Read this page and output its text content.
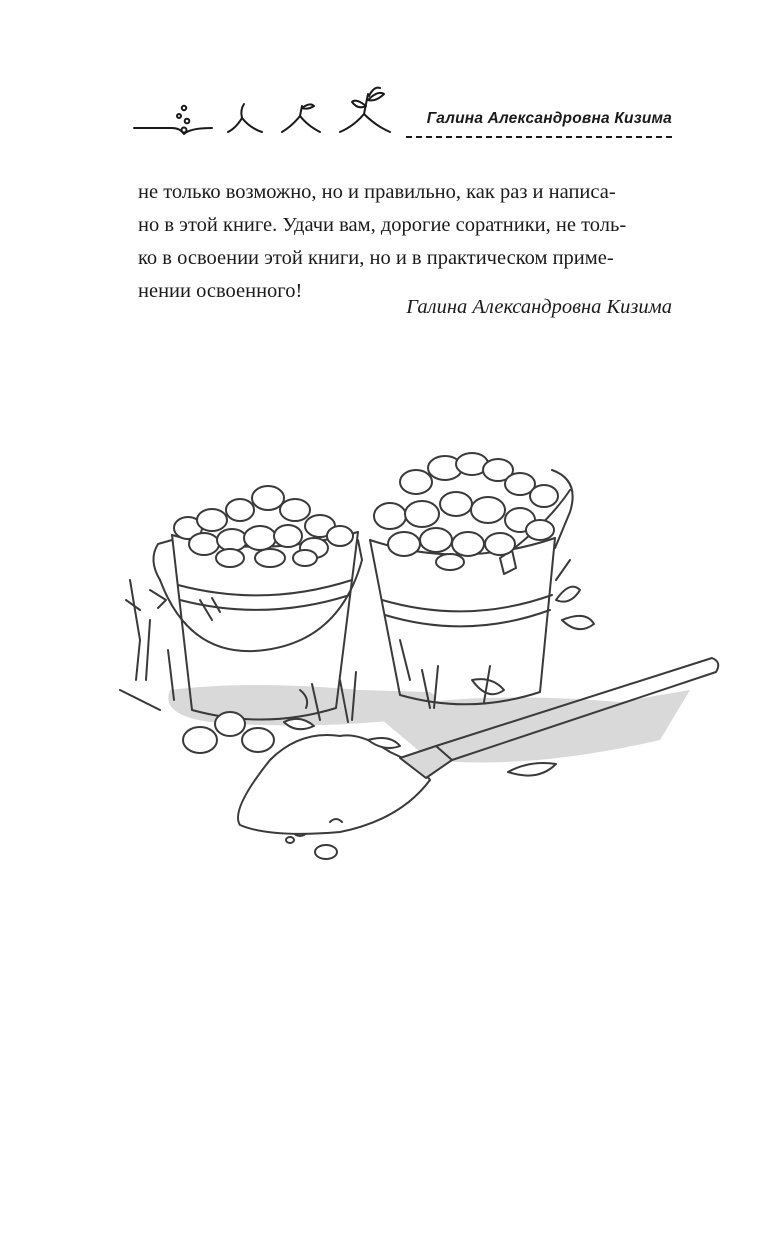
Галина Александровна Кизима
не только возможно, но и правильно, как раз и написа-
но в этой книге. Удачи вам, дорогие соратники, не толь-
ко в освоении этой книги, но и в практическом приме-
нении освоенного!
Галина Александровна Кизима
